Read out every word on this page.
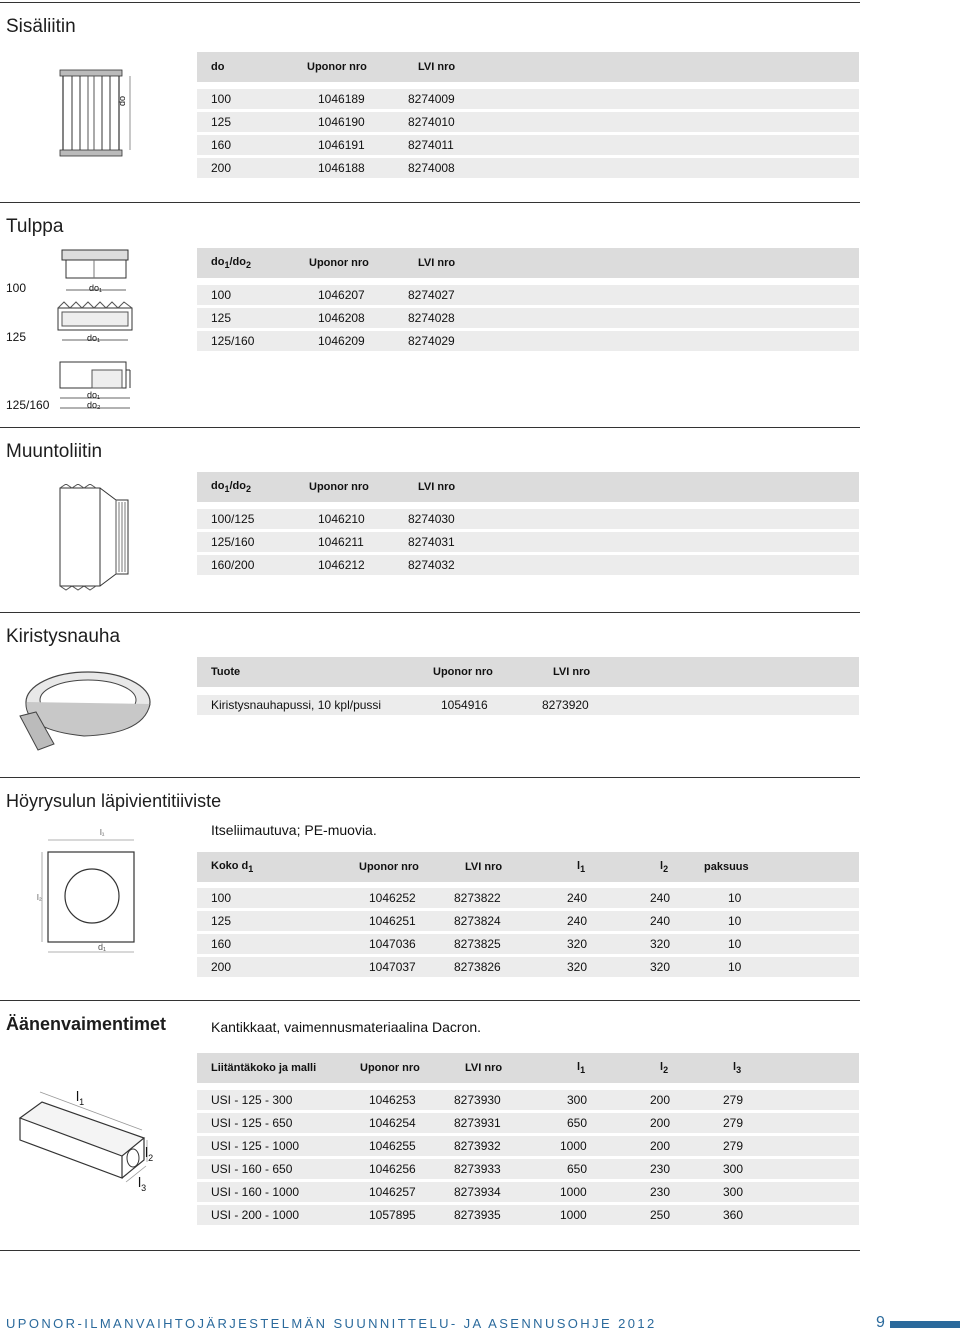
Sisäliitin
do
do	Uponor nro	LVI nro
100	1046189	8274009
125	1046190	8274010
160	1046191	8274011
200	1046188	8274008
Tulppa
100
125
125/160
do₁
do₁
do₁
do₂
$do_1/do_2$	Uponor nro	LVI nro
100	1046207	8274027
125	1046208	8274028
125/160	1046209	8274029
Muuntoliitin
$do_1/do_2$	Uponor nro	LVI nro
100/125	1046210	8274030
125/160	1046211	8274031
160/200	1046212	8274032
Kiristysnauha
Tuote	Uponor nro	LVI nro
Kiristysnauhapussi, 10 kpl/pussi	1054916	8273920
Höyrysulun läpivientitiiviste
Itseliimautuva; PE-muovia.
l₁
l₂
d₁
Koko $d_1$	Uponor nro	LVI nro	$l_1$	$l_2$	paksuus
100	1046252	8273822	240	240	10
125	1046251	8273824	240	240	10
160	1047036	8273825	320	320	10
200	1047037	8273826	320	320	10
Äänenvaimentimet	Kantikkaat, vaimennusmateriaalina Dacron.
$l_1$
$l_2$
$l_3$
Liitäntäkoko ja malli	Uponor nro	LVI nro	$l_1$	$l_2$	$l_3$
USI - 125 - 300	1046253	8273930	300	200	279
USI - 125 - 650	1046254	8273931	650	200	279
USI - 125 - 1000	1046255	8273932	1000	200	279
USI - 160 - 650	1046256	8273933	650	230	300
USI - 160 - 1000	1046257	8273934	1000	230	300
USI - 200 - 1000	1057895	8273935	1000	250	360
UPONOR-ILMANVAIHTOJÄRJESTELMÄN SUUNNITTELU- JA ASENNUSOHJE 2012	9
